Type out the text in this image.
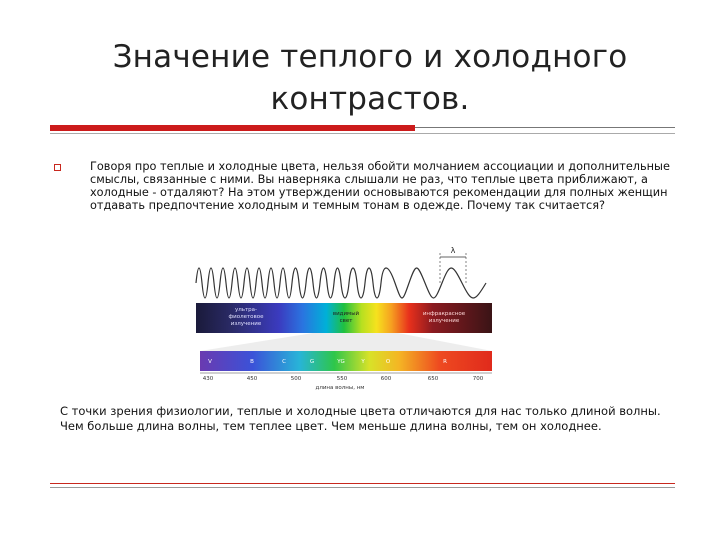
Значение теплого и холодного
контрастов.
Говоря про теплые и холодные цвета, нельзя обойти молчанием ассоциации и дополнительные смыслы, связанные с ними. Вы наверняка слышали не раз, что теплые цвета приближают, а холодные - отдаляют? На этом утверждении основываются рекомендации для полных женщин отдавать предпочтение холодным и темным тонам в одежде. Почему так считается?
λ
ультра-
фиолетовое
излучение
видимый
свет
инфракрасное
излучение
V	B	C	G	YG	Y	O	R
430	450	500	550	600	650	700
длина волны, нм
С точки зрения физиологии, теплые и холодные цвета отличаются для нас только длиной волны. Чем больше длина волны, тем теплее цвет. Чем меньше длина волны, тем он холоднее.
